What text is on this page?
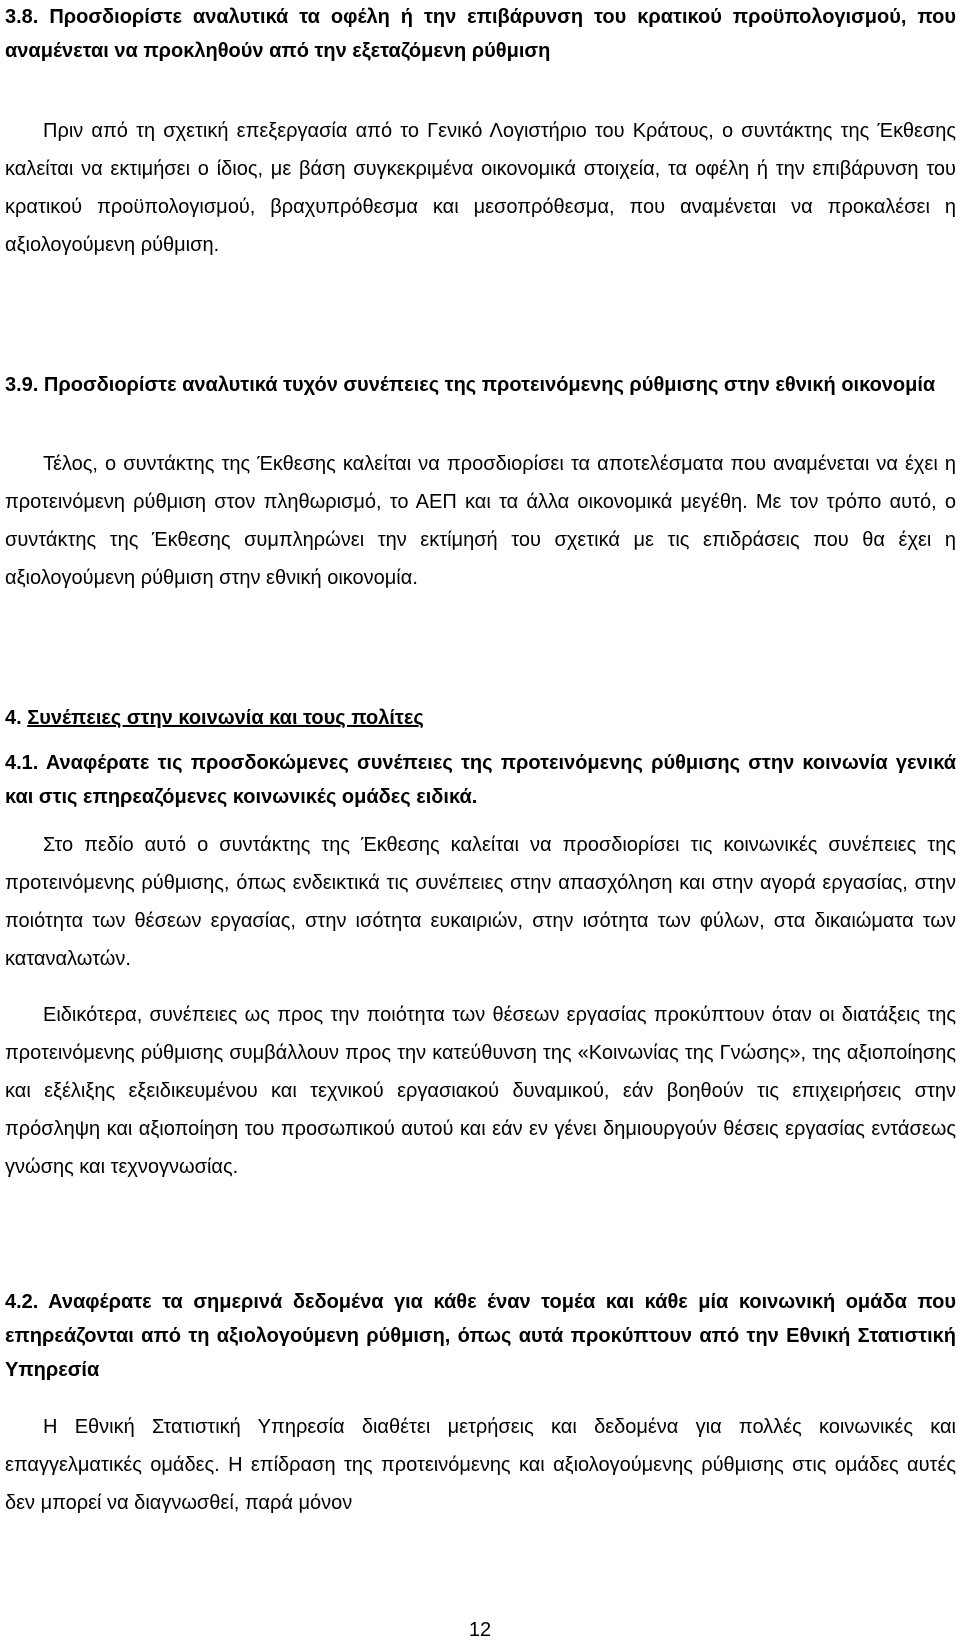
3.8. Προσδιορίστε αναλυτικά τα οφέλη ή την επιβάρυνση του κρατικού προϋπολογισμού, που αναμένεται να προκληθούν από την εξεταζόμενη ρύθμιση
Πριν από τη σχετική επεξεργασία από το Γενικό Λογιστήριο του Κράτους, ο συντάκτης της Έκθεσης καλείται να εκτιμήσει ο ίδιος, με βάση συγκεκριμένα οικονομικά στοιχεία, τα οφέλη ή την επιβάρυνση του κρατικού προϋπολογισμού, βραχυπρόθεσμα και μεσοπρόθεσμα, που αναμένεται να προκαλέσει η αξιολογούμενη ρύθμιση.
3.9. Προσδιορίστε αναλυτικά τυχόν συνέπειες της προτεινόμενης ρύθμισης στην εθνική οικονομία
Τέλος, ο συντάκτης της Έκθεσης καλείται να προσδιορίσει τα αποτελέσματα που αναμένεται να έχει η προτεινόμενη ρύθμιση στον πληθωρισμό, το ΑΕΠ και τα άλλα οικονομικά μεγέθη. Με τον τρόπο αυτό, ο συντάκτης της Έκθεσης συμπληρώνει την εκτίμησή του σχετικά με τις επιδράσεις που θα έχει η αξιολογούμενη ρύθμιση στην εθνική οικονομία.
4. Συνέπειες στην κοινωνία και τους πολίτες
4.1. Αναφέρατε τις προσδοκώμενες συνέπειες της προτεινόμενης ρύθμισης στην κοινωνία γενικά και στις επηρεαζόμενες κοινωνικές ομάδες ειδικά.
Στο πεδίο αυτό ο συντάκτης της Έκθεσης καλείται να προσδιορίσει τις κοινωνικές συνέπειες της προτεινόμενης ρύθμισης, όπως ενδεικτικά τις συνέπειες στην απασχόληση και στην αγορά εργασίας, στην ποιότητα των θέσεων εργασίας, στην ισότητα ευκαιριών, στην ισότητα των φύλων, στα δικαιώματα των καταναλωτών.
Ειδικότερα, συνέπειες ως προς την ποιότητα των θέσεων εργασίας προκύπτουν όταν οι διατάξεις της προτεινόμενης ρύθμισης συμβάλλουν προς την κατεύθυνση της «Κοινωνίας της Γνώσης», της αξιοποίησης και εξέλιξης εξειδικευμένου και τεχνικού εργασιακού δυναμικού, εάν βοηθούν τις επιχειρήσεις στην πρόσληψη και αξιοποίηση του προσωπικού αυτού και εάν εν γένει δημιουργούν θέσεις εργασίας εντάσεως γνώσης και τεχνογνωσίας.
4.2. Αναφέρατε τα σημερινά δεδομένα για κάθε έναν τομέα και κάθε μία κοινωνική ομάδα που επηρεάζονται από τη αξιολογούμενη ρύθμιση, όπως αυτά προκύπτουν από την Εθνική Στατιστική Υπηρεσία
Η Εθνική Στατιστική Υπηρεσία διαθέτει μετρήσεις και δεδομένα για πολλές κοινωνικές και επαγγελματικές ομάδες. Η επίδραση της προτεινόμενης και αξιολογούμενης ρύθμισης στις ομάδες αυτές δεν μπορεί να διαγνωσθεί, παρά μόνον
12
